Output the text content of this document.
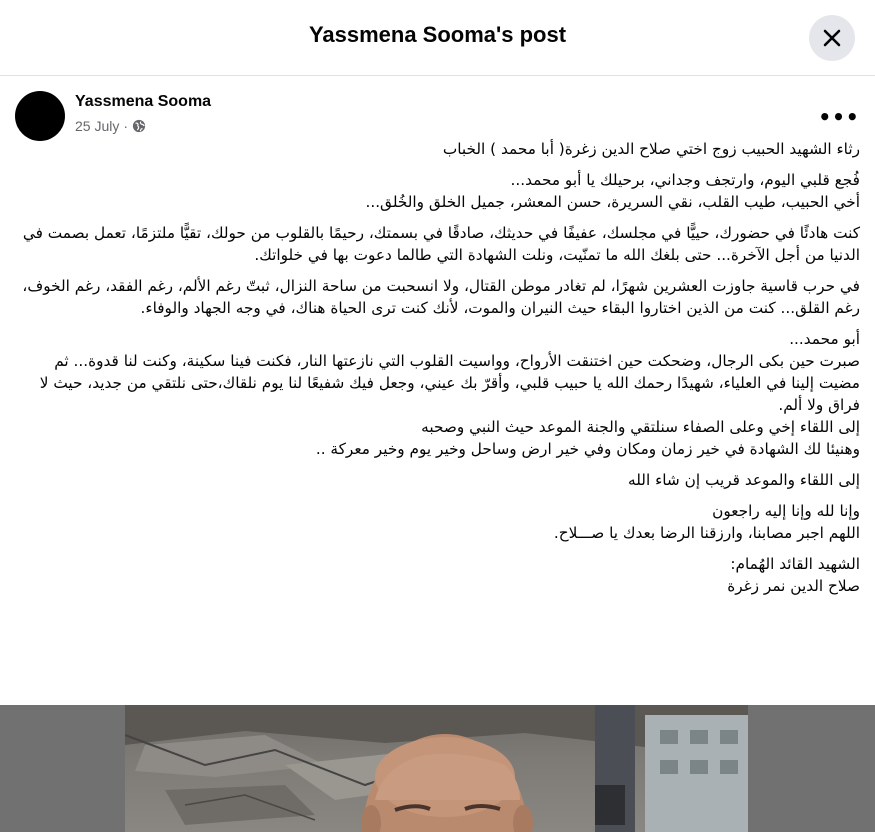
Yassmena Sooma's post
Yassmena Sooma
25 July ·	•••

رثاء الشهيد الحبيب زوج اختي صلاح الدين زغرة( أبا محمد ) الخباب

فُجع قلبي اليوم، وارتجف وجداني، برحيلك يا أبو محمد...
أخي الحبيب، طيب القلب، نقي السريرة، حسن المعشر، جميل الخلق والخُلق...

كنت هادئًا في حضورك، حييًّا في مجلسك، عفيفًا في حديثك، صادقًا في بسمتك، رحيمًا بالقلوب من حولك، تقيًّا ملتزمًا، تعمل بصمت في الدنيا من أجل الآخرة... حتى بلغك الله ما تمنّيت، ونلت الشهادة التي طالما دعوت بها في خلواتك.

في حرب قاسية جاوزت العشرين شهرًا، لم تغادر موطن القتال، ولا انسحبت من ساحة النزال، ثبتّ رغم الألم، رغم الفقد، رغم الخوف، رغم القلق... كنت من الذين اختاروا البقاء حيث النيران والموت، لأنك كنت ترى الحياة هناك، في وجه الجهاد والوفاء.

أبو محمد...
صبرت حين بكى الرجال، وضحكت حين اختنقت الأرواح، وواسيت القلوب التي نازعتها النار، فكنت فينا سكينة، وكنت لنا قدوة... ثم مضيت إلينا في العلياء، شهيدًا رحمك الله يا حبيب قلبي، وأقرّ بك عيني، وجعل فيك شفيعًا لنا يوم نلقاك،حتى نلتقي من جديد، حيث لا فراق ولا ألم.
إلى اللقاء إخي وعلى الصفاء سنلتقي والجنة الموعد حيث النبي وصحبه
وهنيئا لك الشهادة في خير زمان ومكان وفي خير ارض وساحل وخير يوم وخير معركة ..

إلى اللقاء والموعد قريب إن شاء الله

وإنا لله وإنا إليه راجعون
اللهم اجبر مصابنا، وارزقنا الرضا بعدك يا صـــلاح.

الشهيد القائد الهُمام:
صلاح الدين نمر زغرة
